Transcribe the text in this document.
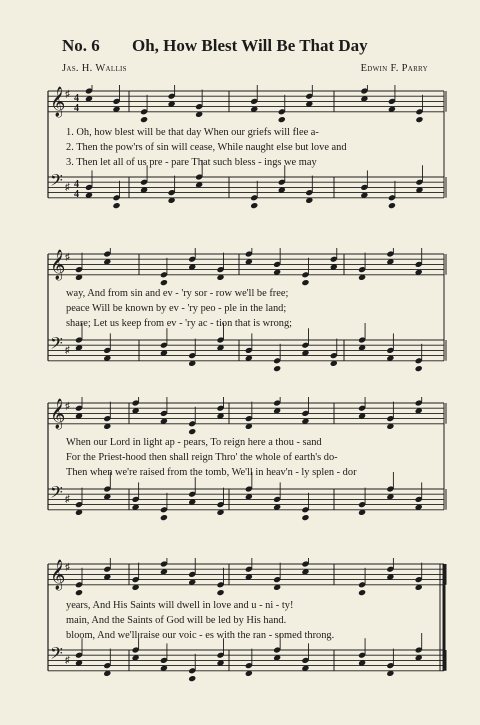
No. 6 Oh, How Blest Will Be That Day
Jas. H. Wallis	Edwin F. Parry
𝄞 ♯ 4
4
𝄢 ♯ 4
4
1. Oh, how blest will be that day When our griefs will flee a-
2. Then the pow'rs of sin will cease, While naught else but love and
3. Then let all of us pre - pare That such bless - ings we may
𝄞 ♯
𝄢 ♯
way, And from sin and ev - 'ry sor - row we'll be free;
peace Will be known by ev - 'ry peo - ple in the land;
share; Let us keep from ev - 'ry ac - tion that is wrong;
𝄞 ♯
𝄢 ♯
When our Lord in light ap - pears, To reign here a thou - sand
For the Priest-hood then shall reign Thro' the whole of earth's do-
Then when we're raised from the tomb, We'll in heav'n - ly splen - dor
𝄞 ♯
𝄢 ♯
years, And His Saints will dwell in love and u - ni - ty!
main, And the Saints of God will be led by His hand.
bloom, And we'll raise our voic - es with the ran - somed throng.
